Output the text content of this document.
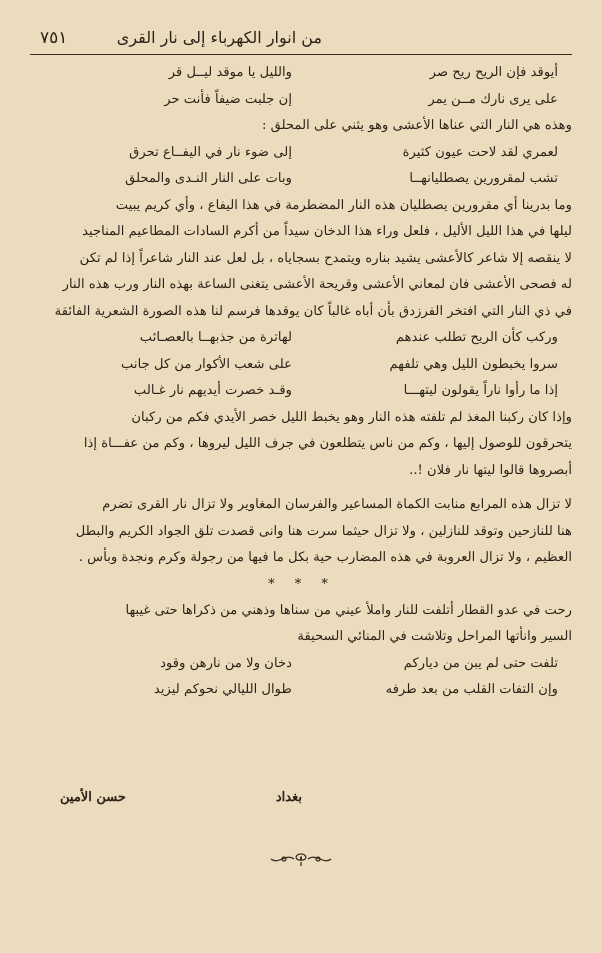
من انوار الكهرباء إلى نار القرى
٧٥١
أيوقد فإن الريح ريح صر
والليل يا موقد ليــل قر
على يرى نارك مــن يمر
إن جلبت ضيفاً فأنت حر
وهذه هي النار التي عناها الأعشى وهو يثني على المحلق :
لعمري لقد لاحت عيون كثيرة
إلى ضوء نار في اليفــاع تحرق
تشب لمقرورين يصطليانهــا
وبات على النار النـدى والمحلق
وما بدرينا أي مقرورين يصطليان هذه النار المضطرمة في هذا اليفاع ، وأي كريم يبيت
ليلها في هذا الليل الأليل ، فلعل وراء هذا الدخان سيداً من أكرم السادات المطاعيم المناجيد
لا ينقصه إلا شاعر كالأعشى يشيد بناره ويتمدح بسجاياه ، بل لعل عند النار شاعراً إذا لم تكن
له فصحى الأعشى فان لمعاني الأعشى وقريحة الأعشى يتغنى الساعة بهذه النار ورب هذه النار
في ذي النار التي افتخر الفرزدق بأن أباه غالباً كان يوقدها فرسم لنا هذه الصورة الشعرية الفائقة
وركب كأن الريح تطلب عندهم
لهاترة من جذبهــا بالعصـائب
سروا يخبطون الليل وهي تلفهم
على شعب الأكوار من كل جانب
إذا ما رأوا ناراً يقولون ليتهـــا
وقـد خصرت أيديهم نار غـالب
وإذا كان ركبنا المغذ لم تلفته هذه النار وهو يخبط الليل خصر الأيدي فكم من ركبان
يتحرقون للوصول إليها ، وكم من ناس يتطلعون في جرف الليل ليروها ، وكم من عفـــاة إذا
أبصروها قالوا ليتها نار فلان !..
لا تزال هذه المرابع منابت الكماة المساعير والفرسان المغاوير ولا تزال نار القرى تضرم
هنا للنازحين وتوقد للنازلين ، ولا تزال حيثما سرت هنا وانى قصدت تلق الجواد الكريم والبطل
العظيم ، ولا تزال العروبة في هذه المضارب حية بكل ما فيها من رجولة وكرم ونجدة وبأس .
* * *
رحت في عدو القطار أتلفت للنار واملأ عيني من سناها وذهني من ذكراها حتى غيبها
السير وانأتها المراحل وتلاشت في المنائي السحيقة
تلفت حتى لم يبن من دياركم
دخان ولا من نارهن وقود
وإن التفات القلب من بعد طرفه
طوال الليالي نحوكم ليزيد
بغداد
حسن الأمين
